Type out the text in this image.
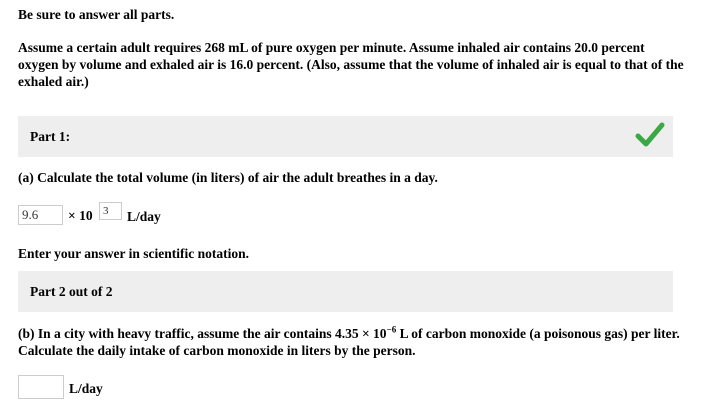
Be sure to answer all parts.
Assume a certain adult requires 268 mL of pure oxygen per minute. Assume inhaled air contains 20.0 percent oxygen by volume and exhaled air is 16.0 percent. (Also, assume that the volume of inhaled air is equal to that of the exhaled air.)
Part 1:
(a) Calculate the total volume (in liters) of air the adult breathes in a day.
9.6
× 10
3	L/day
Enter your answer in scientific notation.
Part 2 out of 2
(b) In a city with heavy traffic, assume the air contains $4.35 \times 10^{-6}$ L of carbon monoxide (a poisonous gas) per liter. Calculate the daily intake of carbon monoxide in liters by the person.
L/day
